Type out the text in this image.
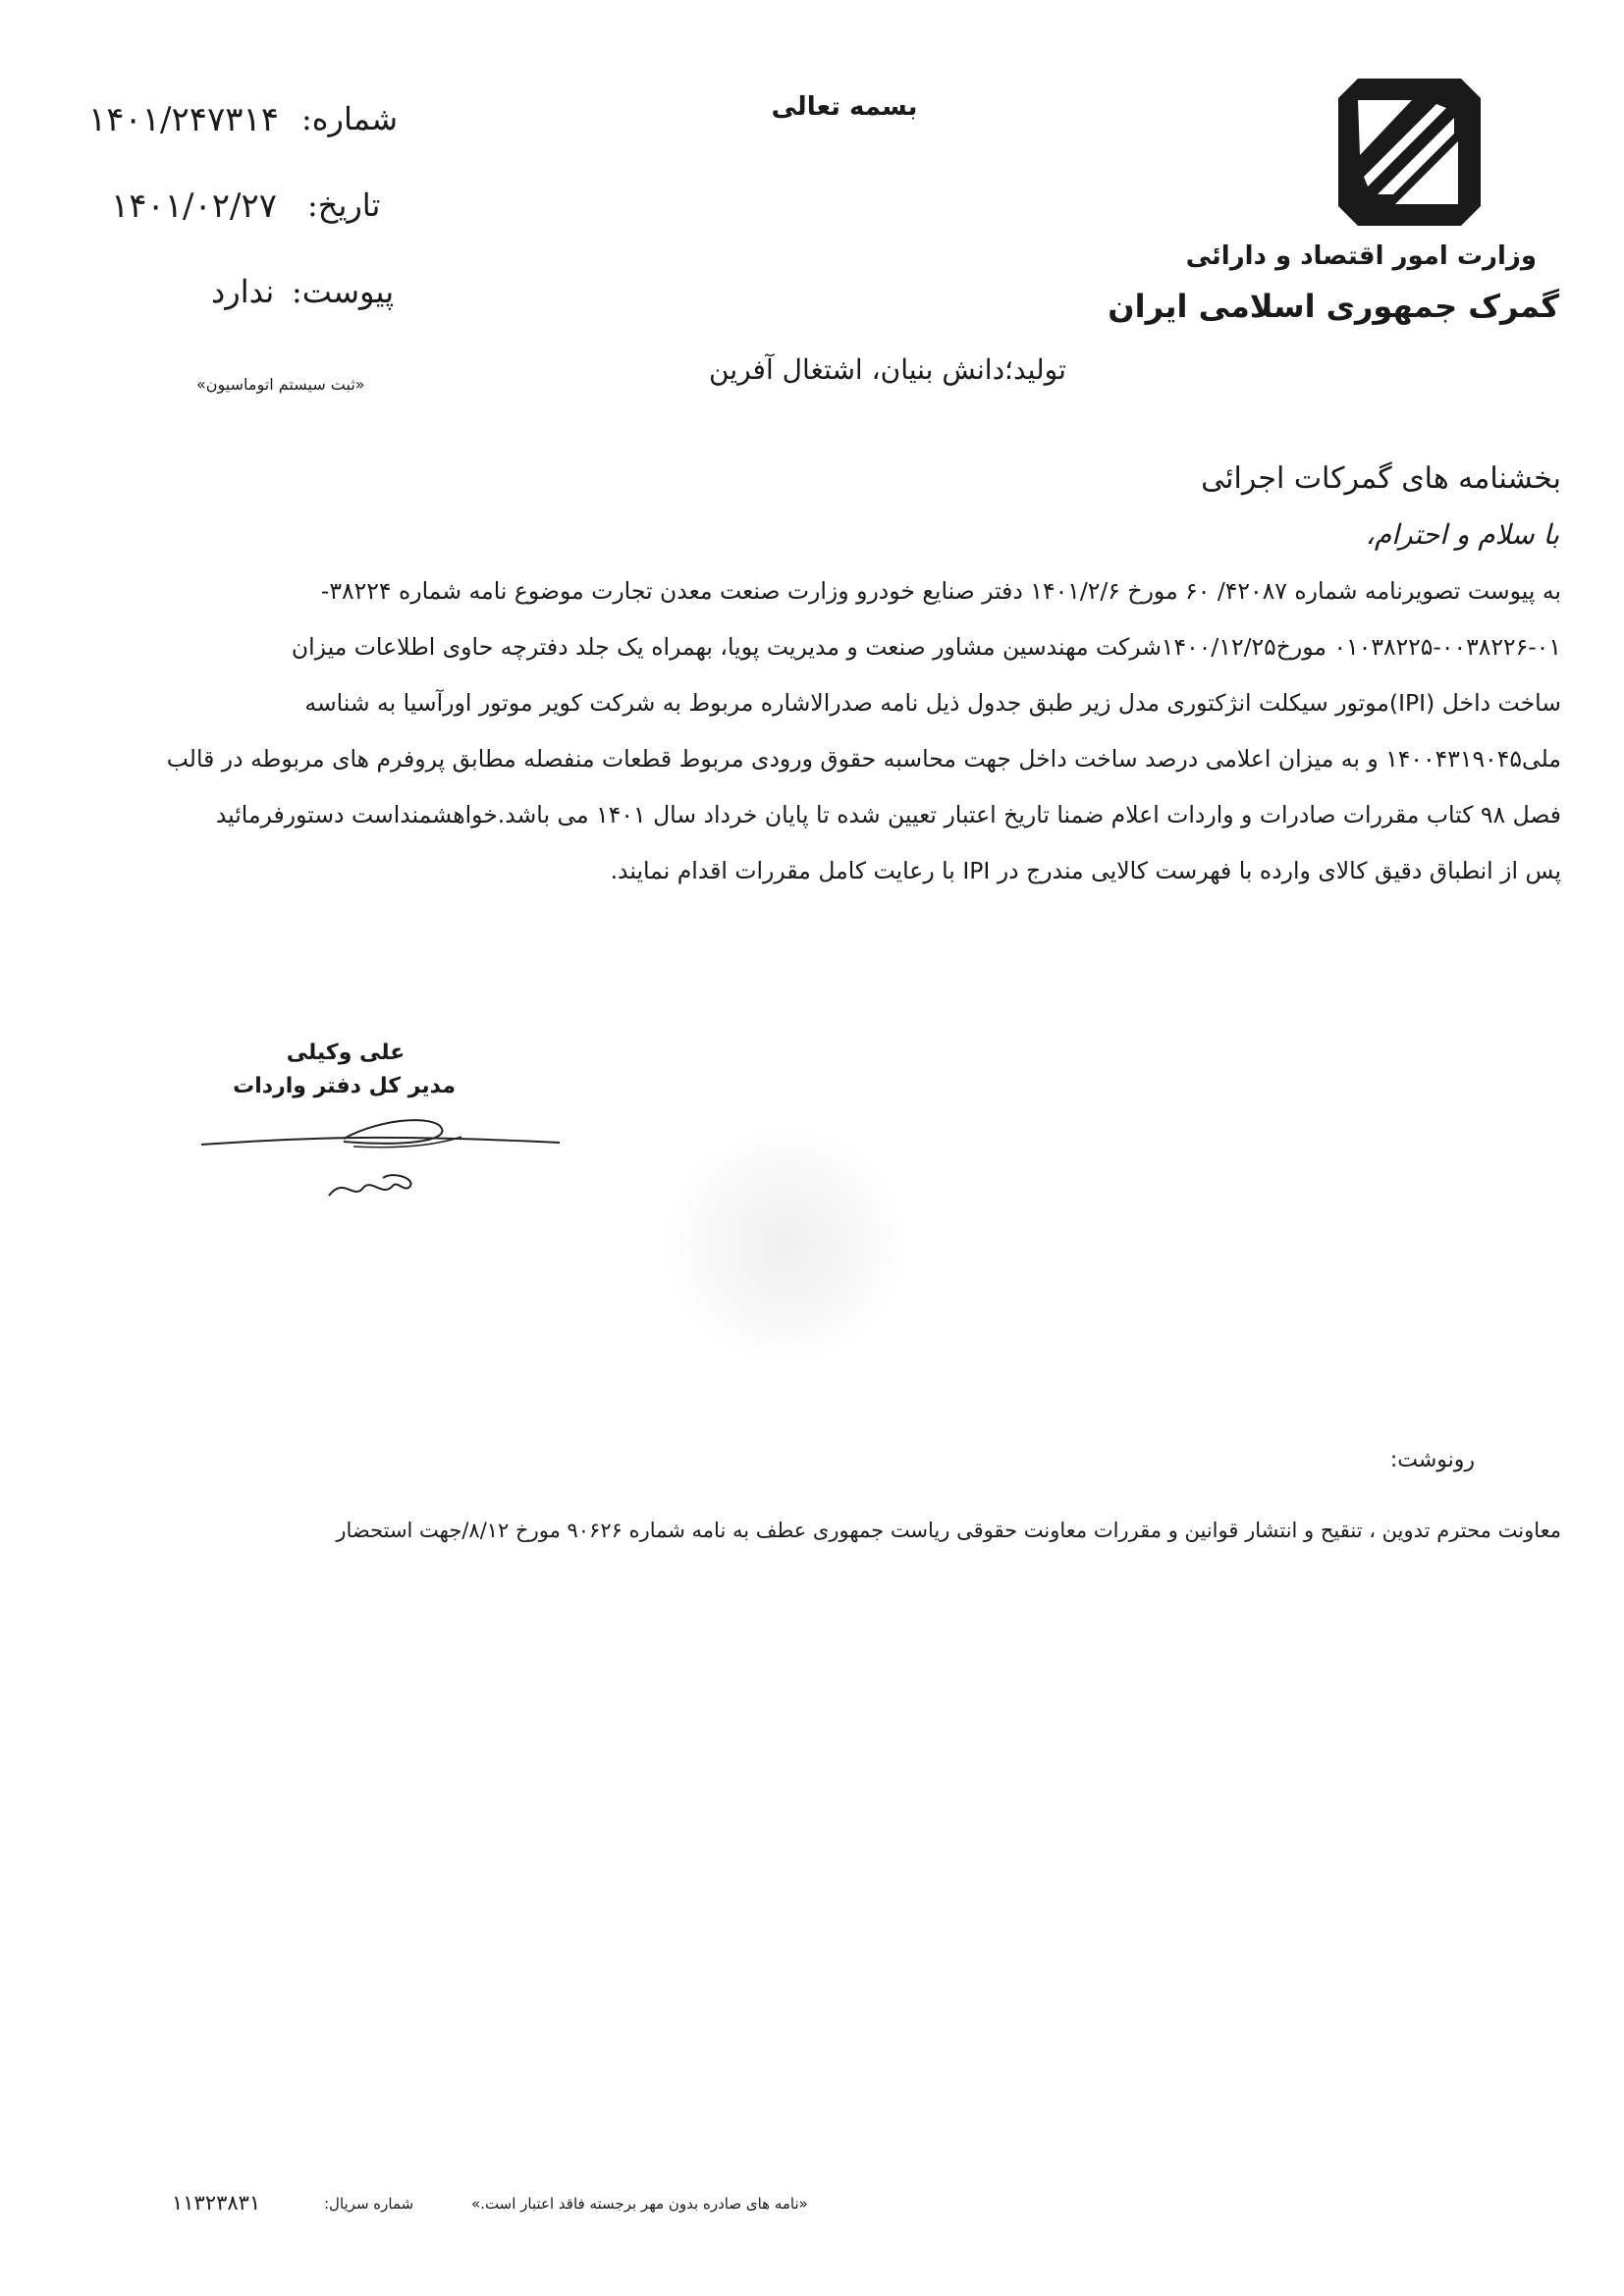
وزارت امور اقتصاد و دارائی
گمرک جمهوری اسلامی ایران
بسمه تعالی
شماره:
۱۴۰۱/۲۴۷۳۱۴
تاریخ:
۱۴۰۱/۰۲/۲۷
پیوست:
ندارد
«ثبت سیستم اتوماسیون»	تولید؛دانش بنیان، اشتغال آفرین
بخشنامه های گمرکات اجرائی
با سلام و احترام،
به پیوست تصویرنامه شماره ۴۲۰۸۷/ ۶۰ مورخ ۱۴۰۱/۲/۶ دفتر صنایع خودرو وزارت صنعت معدن تجارت موضوع نامه شماره ۳۸۲۲۴-
۰۱۰۳۸۲۲۵-۰۰۳۸۲۲۶-۰۱ مورخ۱۴۰۰/۱۲/۲۵شرکت مهندسین مشاور صنعت و مدیریت پویا، بهمراه یک جلد دفترچه حاوی اطلاعات میزان
ساخت داخل (IPI)موتور سیکلت انژکتوری مدل زیر طبق جدول ذیل نامه صدرالاشاره مربوط به شرکت کویر موتور اورآسیا به شناسه
ملی۱۴۰۰۴۳۱۹۰۴۵ و به میزان اعلامی درصد ساخت داخل جهت محاسبه حقوق ورودی مربوط قطعات منفصله مطابق پروفرم های مربوطه در قالب
فصل ۹۸ کتاب مقررات صادرات و واردات اعلام ضمنا تاریخ اعتبار تعیین شده تا پایان خرداد سال ۱۴۰۱ می باشد.خواهشمنداست دستورفرمائید
پس از انطباق دقیق کالای وارده با فهرست کالایی مندرج در IPI با رعایت کامل مقررات اقدام نمایند.
علی وکیلی
مدیر کل دفتر واردات
رونوشت:
معاونت محترم تدوین ، تنقیح و انتشار قوانین و مقررات معاونت حقوقی ریاست جمهوری عطف به نامه شماره ۹۰۶۲۶ مورخ ۸/۱۲/جهت استحضار
«نامه های صادره بدون مهر برجسته فاقد اعتبار است.»
شماره سریال:
۱۱۳۲۳۸۳۱
